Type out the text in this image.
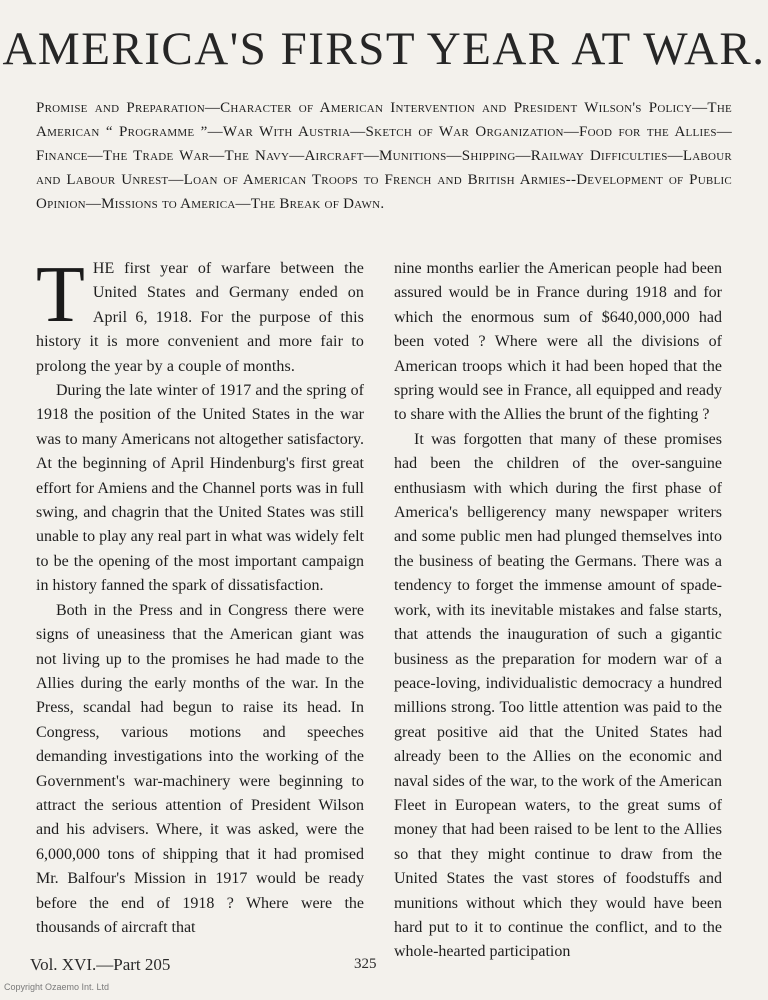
AMERICA'S FIRST YEAR AT WAR.

Promise and Preparation—Character of American Intervention and President Wilson's Policy—The American “ Programme ”—War With Austria—Sketch of War Organization—Food for the Allies—Finance—The Trade War—The Navy—Aircraft—Munitions—Shipping—Railway Difficulties—Labour and Labour Unrest—Loan of American Troops to French and British Armies--Development of Public Opinion—Missions to America—The Break of Dawn.

THE first year of warfare between the United States and Germany ended on April 6, 1918. For the purpose of this history it is more convenient and more fair to prolong the year by a couple of months.

During the late winter of 1917 and the spring of 1918 the position of the United States in the war was to many Americans not altogether satisfactory. At the beginning of April Hindenburg's first great effort for Amiens and the Channel ports was in full swing, and chagrin that the United States was still unable to play any real part in what was widely felt to be the opening of the most important campaign in history fanned the spark of dissatisfaction.

Both in the Press and in Congress there were signs of uneasiness that the American giant was not living up to the promises he had made to the Allies during the early months of the war. In the Press, scandal had begun to raise its head. In Congress, various motions and speeches demanding investigations into the working of the Government's war-machinery were beginning to attract the serious attention of President Wilson and his advisers. Where, it was asked, were the 6,000,000 tons of shipping that it had promised Mr. Balfour's Mission in 1917 would be ready before the end of 1918 ? Where were the thousands of aircraft that

nine months earlier the American people had been assured would be in France during 1918 and for which the enormous sum of $640,000,000 had been voted ? Where were all the divisions of American troops which it had been hoped that the spring would see in France, all equipped and ready to share with the Allies the brunt of the fighting ?

It was forgotten that many of these promises had been the children of the over-sanguine enthusiasm with which during the first phase of America's belligerency many newspaper writers and some public men had plunged themselves into the business of beating the Germans. There was a tendency to forget the immense amount of spade-work, with its inevitable mistakes and false starts, that attends the inauguration of such a gigantic business as the preparation for modern war of a peace-loving, individualistic democracy a hundred millions strong. Too little attention was paid to the great positive aid that the United States had already been to the Allies on the economic and naval sides of the war, to the work of the American Fleet in European waters, to the great sums of money that had been raised to be lent to the Allies so that they might continue to draw from the United States the vast stores of foodstuffs and munitions without which they would have been hard put to it to continue the conflict, and to the whole-hearted participation

Vol. XVI.—Part 205	325
Copyright Ozaemo Int. Ltd
